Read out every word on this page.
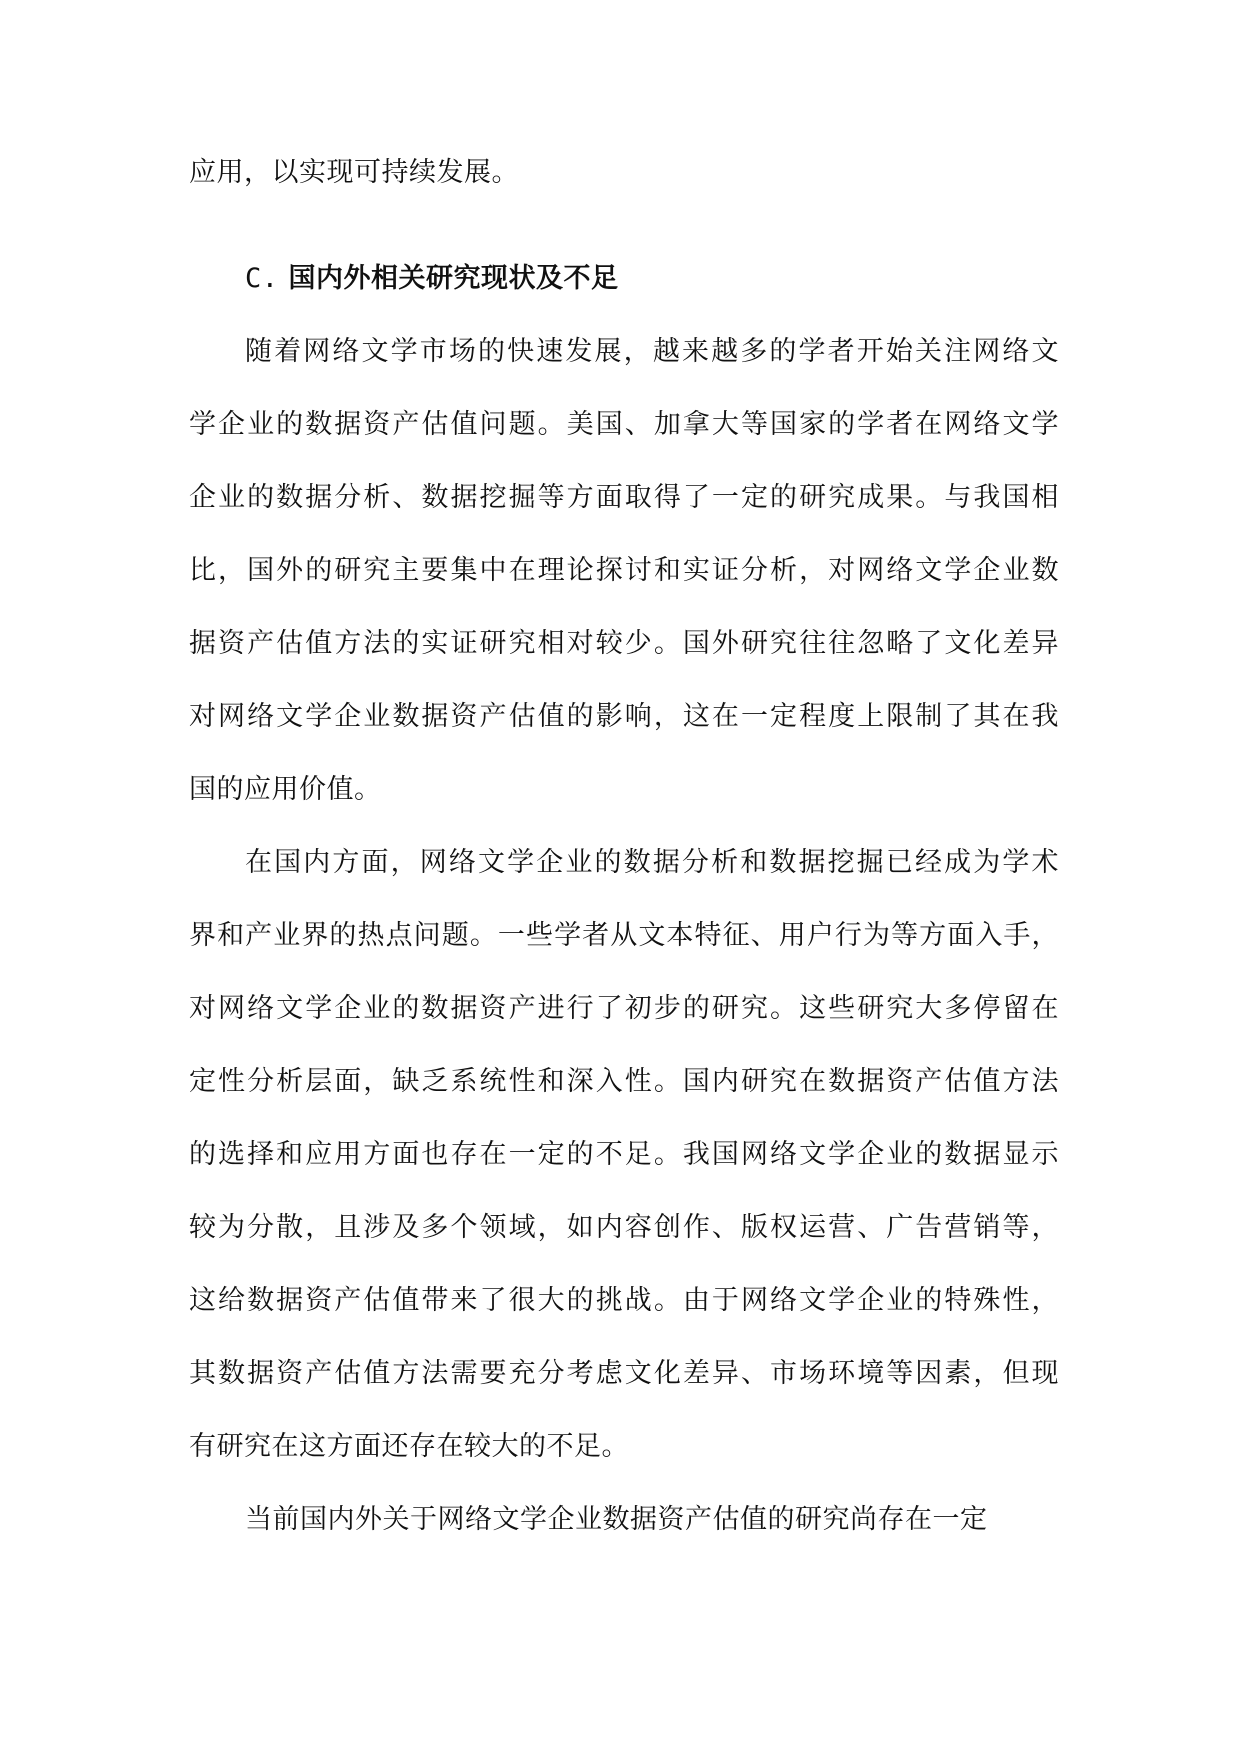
应用，以实现可持续发展。
C. 国内外相关研究现状及不足
随着网络文学市场的快速发展，越来越多的学者开始关注网络文
学企业的数据资产估值问题。美国、加拿大等国家的学者在网络文学
企业的数据分析、数据挖掘等方面取得了一定的研究成果。与我国相
比，国外的研究主要集中在理论探讨和实证分析，对网络文学企业数
据资产估值方法的实证研究相对较少。国外研究往往忽略了文化差异
对网络文学企业数据资产估值的影响，这在一定程度上限制了其在我
国的应用价值。
在国内方面，网络文学企业的数据分析和数据挖掘已经成为学术
界和产业界的热点问题。一些学者从文本特征、用户行为等方面入手，
对网络文学企业的数据资产进行了初步的研究。这些研究大多停留在
定性分析层面，缺乏系统性和深入性。国内研究在数据资产估值方法
的选择和应用方面也存在一定的不足。我国网络文学企业的数据显示
较为分散，且涉及多个领域，如内容创作、版权运营、广告营销等，
这给数据资产估值带来了很大的挑战。由于网络文学企业的特殊性，
其数据资产估值方法需要充分考虑文化差异、市场环境等因素，但现
有研究在这方面还存在较大的不足。
当前国内外关于网络文学企业数据资产估值的研究尚存在一定
